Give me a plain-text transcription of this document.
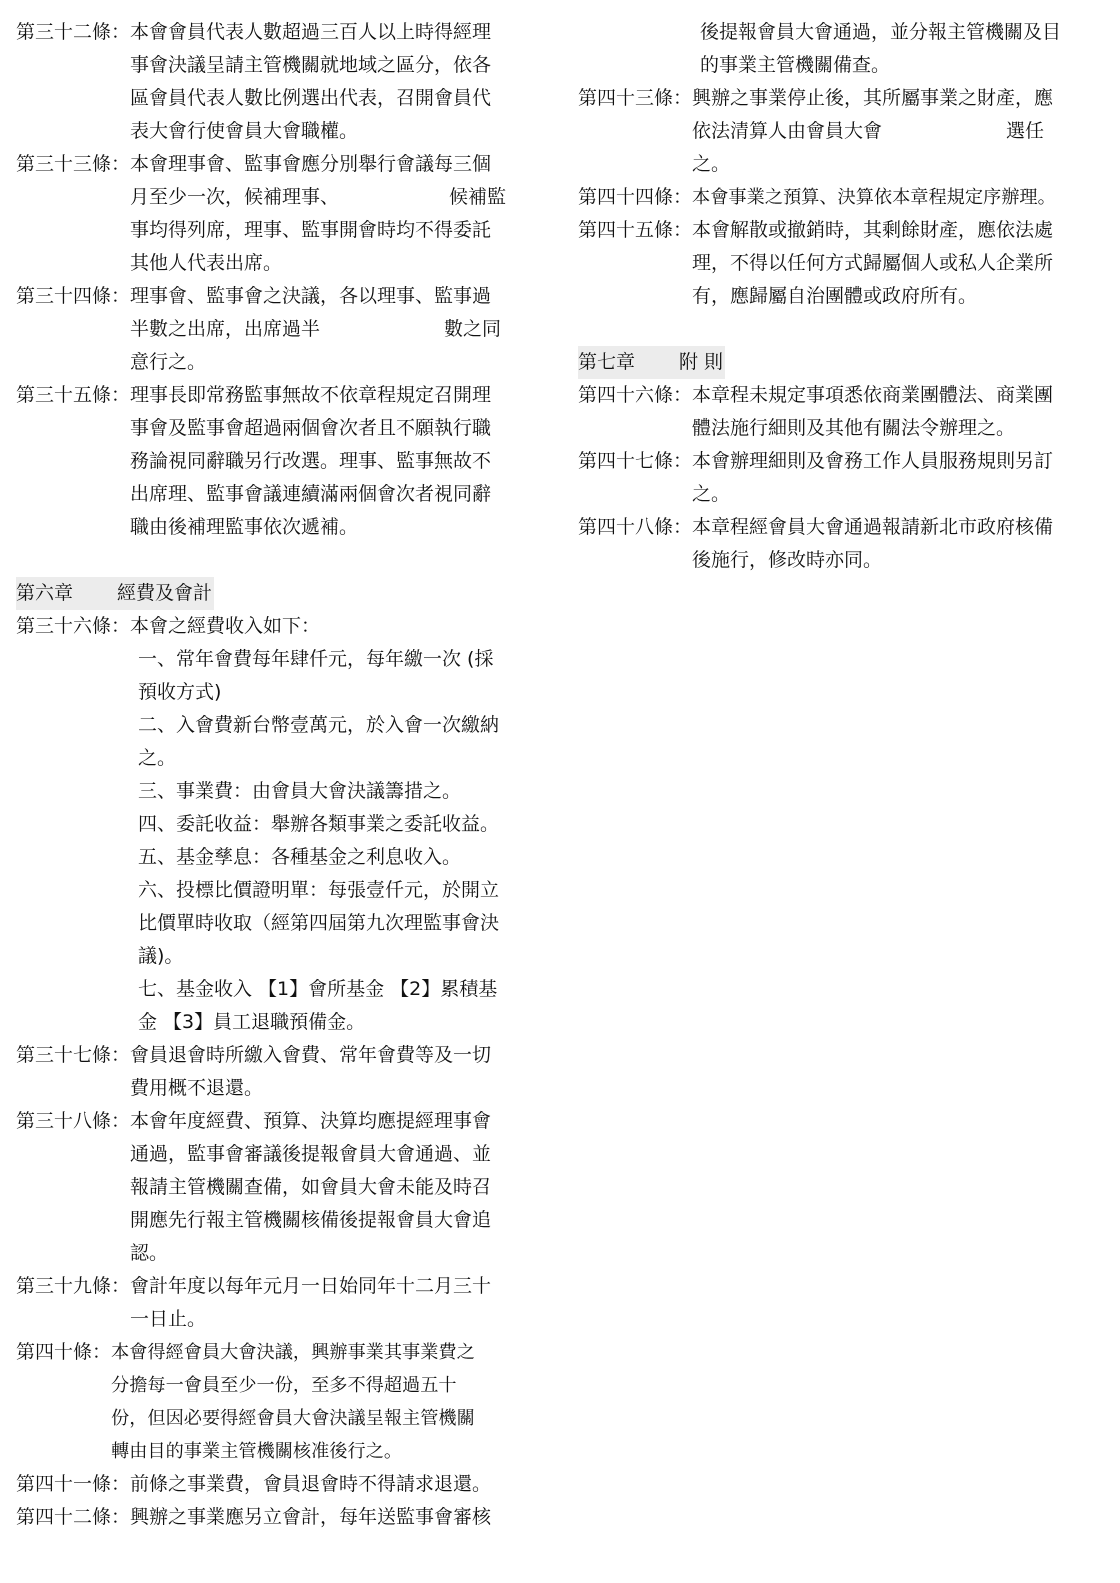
第三十二條： 本會會員代表人數超過三百人以上時得經理

事會決議呈請主管機關就地域之區分，依各

區會員代表人數比例選出代表，召開會員代

表大會行使會員大會職權。

第三十三條： 本會理事會、監事會應分別舉行會議每三個

月至少一次，候補理事、	候補監

事均得列席，理事、監事開會時均不得委託

其他人代表出席。

第三十四條： 理事會、監事會之決議，各以理事、監事過

半數之出席，出席過半	數之同

意行之。

第三十五條： 理事長即常務監事無故不依章程規定召開理

事會及監事會超過兩個會次者且不願執行職

務論視同辭職另行改選。理事、監事無故不

出席理、監事會議連續滿兩個會次者視同辭

職由後補理監事依次遞補。

第六章 經費及會計
第三十六條： 本會之經費收入如下：

一、常年會費每年肆仟元，每年繳一次 (採

預收方式)

二、入會費新台幣壹萬元，於入會一次繳納

之。

三、事業費：由會員大會決議籌措之。

四、委託收益：舉辦各類事業之委託收益。

五、基金孳息：各種基金之利息收入。

六、投標比價證明單：每張壹仟元，於開立

比價單時收取（經第四屆第九次理監事會決

議)。

七、基金收入 【1】會所基金 【2】累積基

金 【3】員工退職預備金。

第三十七條： 會員退會時所繳入會費、常年會費等及一切

費用概不退還。

第三十八條： 本會年度經費、預算、決算均應提經理事會

通過，監事會審議後提報會員大會通過、並

報請主管機關查備，如會員大會未能及時召

開應先行報主管機關核備後提報會員大會追

認。

第三十九條： 會計年度以每年元月一日始同年十二月三十

一日止。

第四十條： 本會得經會員大會決議，興辦事業其事業費之

分擔每一會員至少一份，至多不得超過五十

份，但因必要得經會員大會決議呈報主管機關

轉由目的事業主管機關核准後行之。

第四十一條： 前條之事業費，會員退會時不得請求退還。

第四十二條： 興辦之事業應另立會計，每年送監事會審核

後提報會員大會通過，並分報主管機關及目

的事業主管機關備查。

第四十三條： 興辦之事業停止後，其所屬事業之財產，應

依法清算人由會員大會	選任

之。

第四十四條： 本會事業之預算、決算依本章程規定序辦理。

第四十五條： 本會解散或撤銷時，其剩餘財產，應依法處

理，不得以任何方式歸屬個人或私人企業所

有，應歸屬自治團體或政府所有。

第七章 附 則
第四十六條： 本章程未規定事項悉依商業團體法、商業團

體法施行細則及其他有關法令辦理之。

第四十七條： 本會辦理細則及會務工作人員服務規則另訂

之。

第四十八條： 本章程經會員大會通過報請新北市政府核備

後施行，修改時亦同。
